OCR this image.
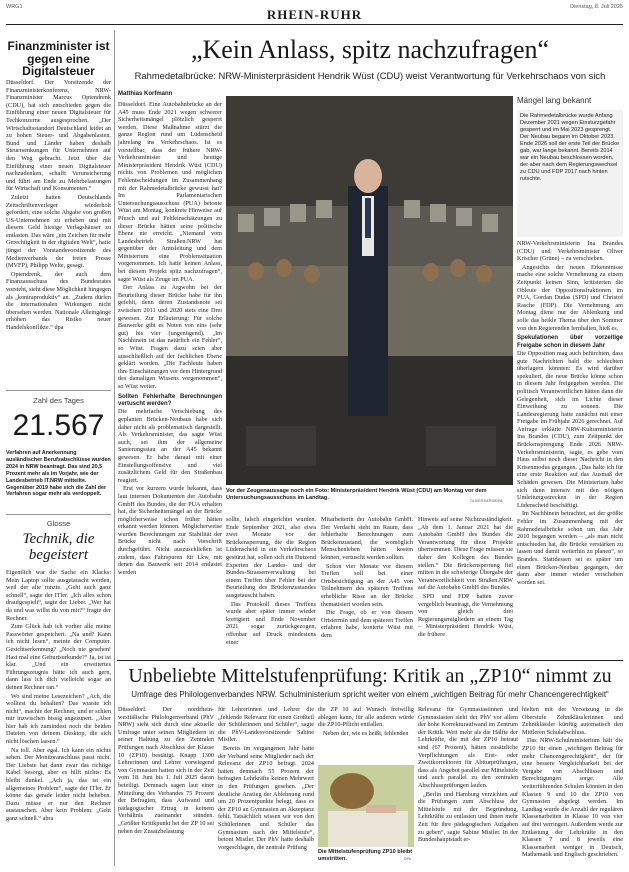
WRG1	Dienstag, 8. Juli 2025
RHEIN-RUHR
Finanzminister ist gegen eine Digitalsteuer

Düsseldorf. Der Vorsitzende der Finanzministerkonferenz, NRW-Finanzminister Marcus Optendrenk (CDU), hat sich entschieden gegen die Einführung einer neuen Digitalsteuer für Techkonzerne ausgesprochen. „Der Wirtschaftsstandort Deutschland leidet an zu hohen Steuer- und Abgabenlasten. Bund und Länder haben deshalb Steuersenkungen für Unternehmen auf den Weg gebracht. Jetzt über die Einführung einer neuen Digitalsteuer nachzudenken, schafft Verunsicherung und führt am Ende zu Mehrbelastungen für Wirtschaft und Konsumenten.“

Zuletzt hatten Deutschlands Zeitschriftenverleger wiederholt gefordert, eine solche Abgabe von großen US-Unternehmen zu erheben und mit diesem Geld hiesige Verlagshäuser zu entlasten. Das wäre „ein Zeichen für mehr Gerechtigkeit in der digitalen Welt“, hatte jüngst der Vorstandsvorsitzende des Medienverbands der freien Presse (MVFP), Philipp Welte, gesagt.

Optendrenk, der auch dem Finanzausschuss des Bundesrates vorsteht, sieht diese Möglichkeit hingegen als „kontraproduktiv“ an. „Zudem dürfen die internationalen Wirkungen nicht übersehen werden. Nationale Alleingänge erhöhen das Risiko neuer Handelskonflikte.“ dpa

Zahl des Tages
21.567
Verfahren auf Anerkennung ausländischer Berufsabschlüsse wurden 2024 in NRW beantragt. Das sind 20,5 Prozent mehr als im Vorjahr, wie der Landesbetrieb IT.NRW mitteilte. Gegenüber 2019 habe sich die Zahl der Verfahren sogar mehr als verdoppelt.
Glosse
Technik, die begeistert

Eigentlich war die Sache ein Klacks: Mein Laptop sollte ausgetauscht werden, weil der alte runzte. „Geht auch ganz schnell“, sagte der ITler. „Ich alles schon draufgespielt“, sagte der Lieber. „Wer hat da und was willst du von mir?“ fragte der Rechner.

Zum Glück hab ich vorher alle meine Passwörter gespeichert. „Na und? Kann ich nicht lesen“, meinte der Computer. Gesichtserkennung? „Noch nie gesehen! Hast mal eine Geburtsurkunde?“ Ja, ist ist klar. „Und ein erweitertes Führungszeugnis hätte ich auch gern, dann lass ich dich vielleicht sogar an deinen Rechner ran.“

Wo sind meine Lesezeichen? „Ach, die wolltest du behalten? Das wusste ich nicht“, machte der Rechner, und er schien mir inzwischen bissig angezunert. „Aber hier hab ich zumindest noch die beiden Dateien von deinem Desktop, die sich nicht löschen lassen.“

Na toll. Aber egal. Ich kann ein nichts sehen. Der Monitoranschluss passt nicht. Der Liebste hat dann zwar das richtige Kabel besorgt, aber es hilft nichts: Es bleibt dunkel. „Ach ja, das ist ein allgemeines Problem“, sagte der ITler. Er könne das gerade leider nicht beheben. Dazu müsse er nur den Rechner austauschen. Aber kein Problem: „Geht ganz schnell.“ abra

„Kein Anlass, spitz nachzufragen“
Rahmedetalbrücke: NRW-Ministerpräsident Hendrik Wüst (CDU) weist Verantwortung für Verkehrschaos von sich
Matthias Korfmann

Düsseldorf. Eine Autobahnbrücke an der A45 muss Ende 2021 wegen schwerer Sicherheitsmängel plötzlich gesperrt werden. Diese Maßnahme stürzt die ganze Region rund um Lüdenscheid jahrelang ins Verkehrschaos. Ist es vorstellbar, dass der frühere NRW-Verkehrsminister und heutige Ministerpräsident Hendrik Wüst (CDU) nichts von Problemen und möglichen Fehlentscheidungen im Zusammenhang mit der Rahmedetalbrücke gewusst hat? Im Parlamentarischen Untersuchungsausschuss (PUA) betonte Wüst am Montag, konkrete Hinweise auf Pfusch und auf Fehleinschätzungen zu dieser Brücke hätten seine politische Ebene nie erreicht. „Niemand vom Landesbetrieb Straßen.NRW hat gegenüber der Amtsleitung und dem Ministerium eine Problemsituation vorgenommen. Ich hatte keinen Anlass, bei diesem Projekt spitz nachzufragen“, sagte Wüst als Zeuge im PUA.

Der Anlass zu Argwohn bei der Beurteilung dieser Brücke habe für ihn gefehlt, denn deren Zustandsnote sei zwischen 2011 und 2020 stets eine Drei gewesen. Zur Erläuterung: Für solche Bauwerke gibt es Noten von eins (sehr gut) bis vier (ungenügend). „Im Nachhinein ist das natürlich ein Fehler“, so Wüst. Fragen dazu seien aber ausschließlich auf der fachlichen Ebene geklärt worden. „Die Fachleute haben ihre Einschätzungen vor dem Hintergrund des damaligen Wissens vorgenommen“, so Wüst weiter.

Sollten Fehlerhafte Berechnungen vertuscht werden?

Die mehrfache Verschiebung des geplanten Brücken-Neubaus habe sich daher nicht als problematisch dargestellt. Als Verkehrsminister, das sagte Wüst auch, sei ihm der allgemeine Sanierungsstau an der A45 bekannt gewesen. Er habe darauf mit einer Einstellungsoffensive und viel zusätzlichem Geld für den Straßenbau reagiert.

Erst vor kurzem wurde bekannt, dass laut internen Dokumenten der Autobahn GmbH des Bundes, die der PUA erhalten hat, die Sicherheitsmängel an der Brücke möglicherweise schon früher hätten erkannt werden können. Möglicherweise wurden Berechnungen zur Stabilität der Brücke nicht nach Vorschrift durchgeführt. Nicht auszuschließen ist zudem, dass Fahrspuren für Lkw, mit denen das Bauwerk seit 2014 entlastet werden

Vor der Zeugenaussage noch ein Foto: Ministerpräsident Hendrik Wüst (CDU) am Montag vor dem Untersuchungsausschuss im Landtag.	OLIVER BERG/DPA
Mängel lang bekannt
Die Rahmedetalbrücke wurde Anfang Dezember 2021 wegen Einsturzgefahr gesperrt und im Mai 2023 gesprengt. Der Neubau begann im Oktober 2023. Ende 2026 soll der erste Teil der Brücke gab, war lange bekannt. Bereits 2014 war ein Neubau beschlossen worden, der aber nach dem Regierungswechsel zu CDU und FDP 2017 nach hinten rutschte.

NRW-Verkehrsministerin Ina Brandes (CDU) und Verkehrsminister Oliver Krischer (Grüne) – zu verschieben.

Angesichts der neuen Erkenntnisse mache eine solche Vernehmung zu einem Zeitpunkt keinen Sinn, kritisierten die Obleute der Oppositionsfraktionen im PUA, Gordan Dudas (SPD) und Christof Rasche (FDP). Die Vernehmung am Montag diene nur der Ablenkung und solle das heikle Thema über den Sommer von den Regierenden fernhalten, hieß es.

Spekulationen über vorzeitige Freigabe schon in diesem Jahr

Die Opposition mag auch befürchten, dass gute Nachrichten bald die schlechten überlagern könnten: Es wird darüber spekuliert, die neue Brücke könne schon in diesem Jahr freigegeben werden. Die politisch Verantwortlichen hätten dann die Gelegenheit, sich im Lichte dieser Einweihung zu sonnen. Die Landesregierung hatte zunächst mit einer Freigabe im Frühjahr 2026 gerechnet. Auf Anfrage erklärte NRW-Kulturministerin Ina Brandes (CDU), zum Zeitpunkt der Brückensprengung Ende 2026 NRW-Verkehrsministerin, sagte, es gebe vom Haus selbst noch dieser Nachricht in den Krisenmodus gegangen. „Das halte ich für eine erste Reaktion auf das Ausmaß der Schäden gewesen. Die Ministerium habe sich dann intensiv mit den nötigen Umleitungsstrecken in der Region Lüdenscheid beschäftigt.

Im Nachhinein betrachtet, sei der größte Fehler im Zusammenhang mit der Rahmedetalbrücke schon um das Jahr 2010 begangen worden – „als man nicht entschieden hat, die Brücke verstärken zu lassen und damit weiterhin zu planen“, so Brandes. Stattdessen sei es später um einen Brücken-Neubau gegangen, der dann aber immer wieder verschoben worden sei.

sollte, falsch eingerichtet wurden. Ende September 2021, also etwa zwei Monate vor der Brückensperrung, die die Region Lüdenscheid in ein Verkehrschaos gestürzt hat, sollen sich ein Dutzend Experten der Landes- und der Bundes-Strassenverwaltung bei einem Treffen über Fehler bei der Beurteilung des Brückenzustandes ausgetauscht haben.

Das Protokoll dieses Treffens wurde aber später immer wieder korrigiert und Ende November 2021 sogar zurückgezogen, offenbar auf Druck mindestens einer

Mitarbeiterin der Autobahn GmbH. Der Verdacht steht im Raum, dass fehlerhafte Berechnungen zum Brückenzustand, die womöglich Menschenleben hätten kosten können, vertuscht werden sollten.

Schon vier Monate vor diesem Treffen soll bei einer Ortsbesichtigung an der A45 von Teilnehmern des späteren Treffens erhebliche Risse an der Brücke thematisiert worden sein.

Die Frage, ob er von diesem Ortstermin und dem späteren Treffen erfahren habe, konterte Wüst mit dem

Hinweis auf seine Nichtzuständigkeit. „Ab dem 1. Januar 2021 hat die Autobahn GmbH des Bundes die Verantwortung für diese Projekte übernommen. Diese Frage müssen sie daher den Kollegen des Bundes stellen.“ Die Brückensperrung fiel mitten in die schwierige Übergabe der Verantwortlichkeit von Straßen.NRW auf die Autobahn GmbH des Bundes.

SPD und FDP hatten zuvor vergeblich beantragt, die Vernehmung von gleich drei Regierungsmitgliedern an einem Tag – Ministerpräsident Hendrik Wüst, die frühere

Unbeliebte Mittelstufenprüfung: Kritik an „ZP10“ nimmt zu
Umfrage des Philologenverbandes NRW. Schulministerium spricht weiter von einem „wichtigen Beitrag für mehr Chancengerechtigkeit“

Düsseldorf. Der nordrhein-westfälische Philologenverband (PhV NRW) sieht sich durch eine aktuelle Umfrage unter seinen Mitgliedern in seiner Haltung zu den Zentralen Prüfungen nach Abschluss der Klasse 10 (ZP10) bestätigt. Knapp 1300 Lehrerinnen und Lehrer vorwiegend von Gymnasien hatten sich in der Zeit vom 18. Juni bis 1. Juli 2025 daran beteiligt. Demnach sagen laut einer Mitteilung des Verbandes 75 Prozent der Befragten, dass Aufwand und pädagogischer Ertrag in keinem Verhältnis zueinander stünden. „Größter Kritikpunkt bei der ZP 10 sei neben der Zusatzbelastung

für Lehrerinnen und Lehrer die „fehlende Relevanz für einen Großteil der Schülerinnen und Schüler“, sagte die PhV-Landesvorsitzende Sabine Mistler.

Bereits im vergangenen Jahr hatte der Verband seine Mitglieder nach der Relevanz der ZP10 befragt. 2024 hatten demnach 55 Prozent der befragten Lehrkräfte keinen Mehrwert in den Prüfungen gesehen. „Der deutliche Anstieg der Ablehnung rund um 20 Prozentpunkte belegt, dass es der ZP10 an Gymnasien an Akzeptanz fehlt. Tatsächlich wissen wir von den Schülerinnen und Schüler das Gymnasium nach der Mittelstufe“, betont Mistler. Der PhV hatte deshalb vorgeschlagen, die zentrale Prüfung

die ZP 10 auf Wunsch freiwillig ablegen kann, für alle anderen würde die ZP10-Pflicht entfallen.

Neben der, wie es heißt, fehlenden

Die Mittelstufenprüfung ZP10 bleibt umstritten.	DPA

Relevanz für Gymnasiastinnen und Gymnasiasten sieht der PhV vor allem der hohe Korrekturaufwand im Zentrum der Kritik. Weit mehr als die Hälfte der Lehrkräfte, die mit der ZP10 betraut sind (67 Prozent), hätten zusätzliche Verpflichtungen als Erst- oder Zweitkorrektoren für Abiturprüfungen, dass als Angebot parallel zur Mittelstufe und auch parallel zu den zentralen Abschlussprüfungen laufen.

„Berlin und Hamburg verzichten auf die Prüfungen zum Abschluss der Mittelstufe mit der Begründung, Lehrkräfte zu entlasten und ihnen mehr Zeit für ihre pädagogischen Aufgaben zu geben“, sagte Sabine Mistler. In der Bundeshauptstadt er-

hielten mit der Versetzung in die Oberstufe Zehntklässlerinnen und Zehntklässler künftig automatisch den Mittleren Schulabschluss.

Das NRW-Schulministerium hält die ZP10 für einen „wichtigen Beitrag für mehr Chancengerechtigkeit“, der für eine bessere Vergleichbarkeit bei der Vergabe von Abschlüssen und Berechtigungen sorge. Alle weiterführenden Schulen könnten in den Klassen 9 und 10 die ZP10 von Gymnasien abgelegt werden. Im Landtag wurde die Anzahl der regulären Klassenarbeiten in Klasse 10 von vier auf drei verringert. Außerdem werde zur Entlastung der Lehrkräfte in den Klassen 7 und 8 jeweils eine Klassenarbeit weniger in Deutsch, Mathematik und Englisch geschrieben.
